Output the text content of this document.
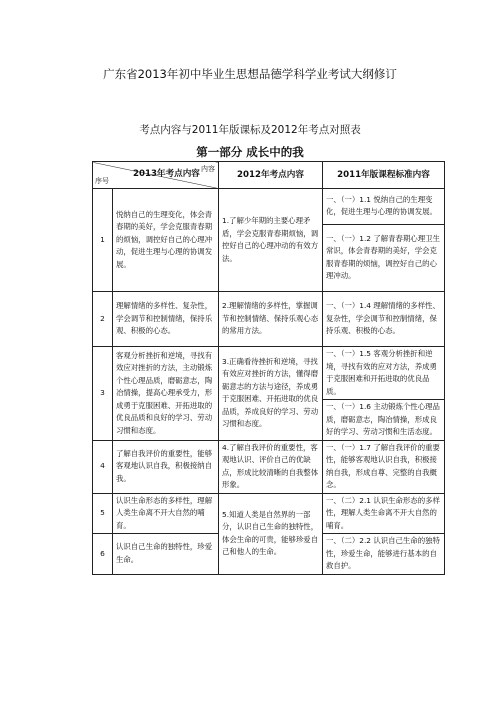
广东省2013年初中毕业生思想品德学科学业考试大纲修订
考点内容与2011年版课标及2012年考点对照表
第一部分 成长中的我
内容
序号
2013年考点内容		2012年考点内容	2011年版课程标准内容
1	悦纳自己的生理变化，体会青春期的美好，学会克服青春期的烦恼，调控好自己的心理冲动，促进生理与心理的协调发展。	1.了解少年期的主要心理矛盾，学会克服青春期烦恼，调控好自己的心理冲动的有效方法。	一、（一）1.1 悦纳自己的生理变化，促进生理与心理的协调发展。
			一、（一）1.2 了解青春期心理卫生常识，体会青春期的美好，学会克服青春期的烦恼，调控好自己的心理冲动。
2	理解情绪的多样性、复杂性，学会调节和控制情绪，保持乐观、积极的心态。	2.理解情绪的多样性，掌握调节和控制情绪、保持乐观心态的常用方法。	一、（一）1.4 理解情绪的多样性、复杂性，学会调节和控制情绪，保持乐观、积极的心态。
3	客观分析挫折和逆境，寻找有效应对挫折的方法，主动锻炼个性心理品质，磨砺意志，陶冶情操，提高心理承受力，形成勇于克服困难、开拓进取的优良品质和良好的学习、劳动习惯和态度。	3.正确看待挫折和逆境，寻找有效应对挫折的方法，懂得磨砺意志的方法与途径，养成勇于克服困难、开拓进取的优良品质，养成良好的学习、劳动习惯和态度。	一、（一）1.5 客观分析挫折和逆境，寻找有效的应对方法，养成勇于克服困难和开拓进取的优良品质。
			一、（一）1.6 主动锻炼个性心理品质，磨砺意志，陶冶情操，形成良好的学习、劳动习惯和生活态度。
4	了解自我评价的重要性，能够客观地认识自我，积极接纳自我。	4.了解自我评价的重要性，客观地认识、评价自己的优缺点，形成比较清晰的自我整体形象。	一、（一）1.7 了解自我评价的重要性，能够客观地认识自我，积极接纳自我，形成自尊、完整的自我概念。
5	认识生命形态的多样性，理解人类生命离不开大自然的哺育。	5.知道人类是自然界的一部分，认识自己生命的独特性，体会生命的可贵，能够珍爱自己和他人的生命。	一、（二）2.1 认识生命形态的多样性，理解人类生命离不开大自然的哺育。
6	认识自己生命的独特性，珍爱生命。		一、（二）2.2 认识自己生命的独特性，珍爱生命，能够进行基本的自救自护。
